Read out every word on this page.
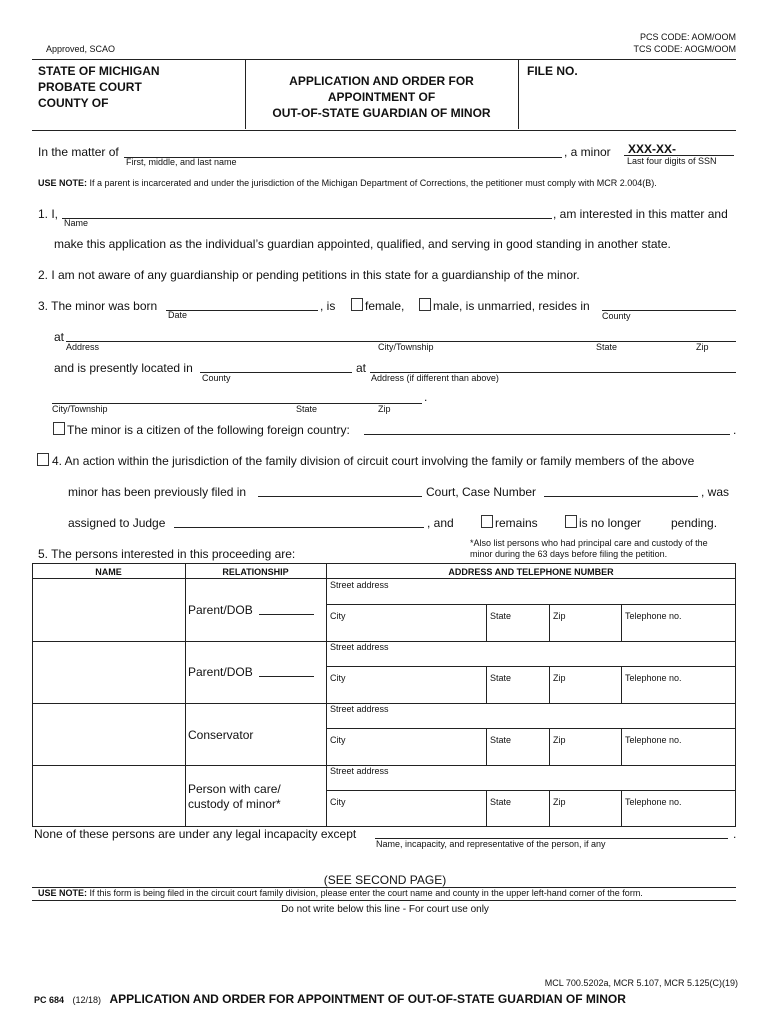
Approved, SCAO
PCS CODE: AOM/OOM
TCS CODE: AOGM/OOM
STATE OF MICHIGAN
PROBATE COURT
COUNTY OF
APPLICATION AND ORDER FOR
APPOINTMENT OF
OUT-OF-STATE GUARDIAN OF MINOR
FILE NO.
In the matter of
First, middle, and last name
, a minor XXX-XX-
Last four digits of SSN
USE NOTE: If a parent is incarcerated and under the jurisdiction of the Michigan Department of Corrections, the petitioner must comply with MCR 2.004(B).
1. I,
Name
, am interested in this matter and
make this application as the individual’s guardian appointed, qualified, and serving in good standing in another state.
2. I am not aware of any guardianship or pending petitions in this state for a guardianship of the minor.
3. The minor was born
Date
, is female, male, is unmarried, resides in
County
at
Address	City/Township	State	Zip
and is presently located in
County
at
Address (if different than above)
.
City/Township	State	Zip
The minor is a citizen of the following foreign country:	.
4. An action within the jurisdiction of the family division of circuit court involving the family or family members of the above
minor has been previously filed in	Court, Case Number	, was
assigned to Judge	, and	remains	is no longer pending.
5. The persons interested in this proceeding are:
*Also list persons who had principal care and custody of the
minor during the 63 days before filing the petition.
NAME	RELATIONSHIP	ADDRESS AND TELEPHONE NUMBER
Parent/DOB
Street address
City	State	Zip	Telephone no.
Parent/DOB
Street address
City	State	Zip	Telephone no.
Conservator
Street address
City	State	Zip	Telephone no.
Person with care/
custody of minor*
Street address
City	State	Zip	Telephone no.
None of these persons are under any legal incapacity except	.
Name, incapacity, and representative of the person, if any
(SEE SECOND PAGE)
USE NOTE: If this form is being filed in the circuit court family division, please enter the court name and county in the upper left-hand corner of the form.
Do not write below this line - For court use only
MCL 700.5202a, MCR 5.107, MCR 5.125(C)(19)
PC 684 (12/18) APPLICATION AND ORDER FOR APPOINTMENT OF OUT-OF-STATE GUARDIAN OF MINOR
